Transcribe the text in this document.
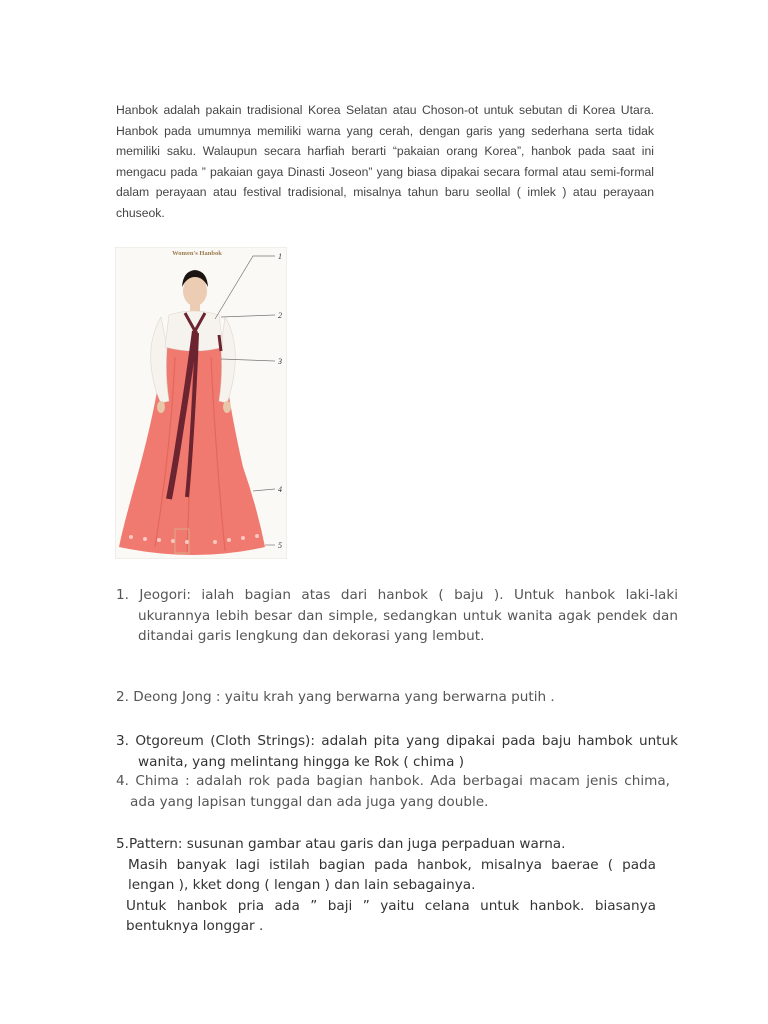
Hanbok adalah pakain tradisional Korea Selatan atau Choson-ot untuk sebutan di Korea Utara. Hanbok pada umumnya memiliki warna yang cerah, dengan garis yang sederhana serta tidak memiliki saku. Walaupun secara harfiah berarti “pakaian orang Korea”, hanbok pada saat ini mengacu pada ” pakaian gaya Dinasti Joseon” yang biasa dipakai secara formal atau semi-formal dalam perayaan atau festival tradisional, misalnya tahun baru seollal ( imlek ) atau perayaan chuseok.

Women's Hanbok	1
2
3
4
5

1. Jeogori: ialah bagian atas dari hanbok ( baju ). Untuk hanbok laki-laki ukurannya lebih besar dan simple, sedangkan untuk wanita agak pendek dan ditandai garis lengkung dan dekorasi yang lembut.

2. Deong Jong : yaitu krah yang berwarna yang berwarna putih .

3. Otgoreum (Cloth Strings): adalah pita yang dipakai pada baju hambok untuk wanita, yang melintang hingga ke Rok ( chima )

4. Chima : adalah rok pada bagian hanbok. Ada berbagai macam jenis chima, ada yang lapisan tunggal dan ada juga yang double.

5.Pattern: susunan gambar atau garis dan juga perpaduan warna.

Masih banyak lagi istilah bagian pada hanbok, misalnya baerae ( pada lengan ), kket dong ( lengan ) dan lain sebagainya.

Untuk hanbok pria ada ” baji ” yaitu celana untuk hanbok. biasanya bentuknya longgar .
